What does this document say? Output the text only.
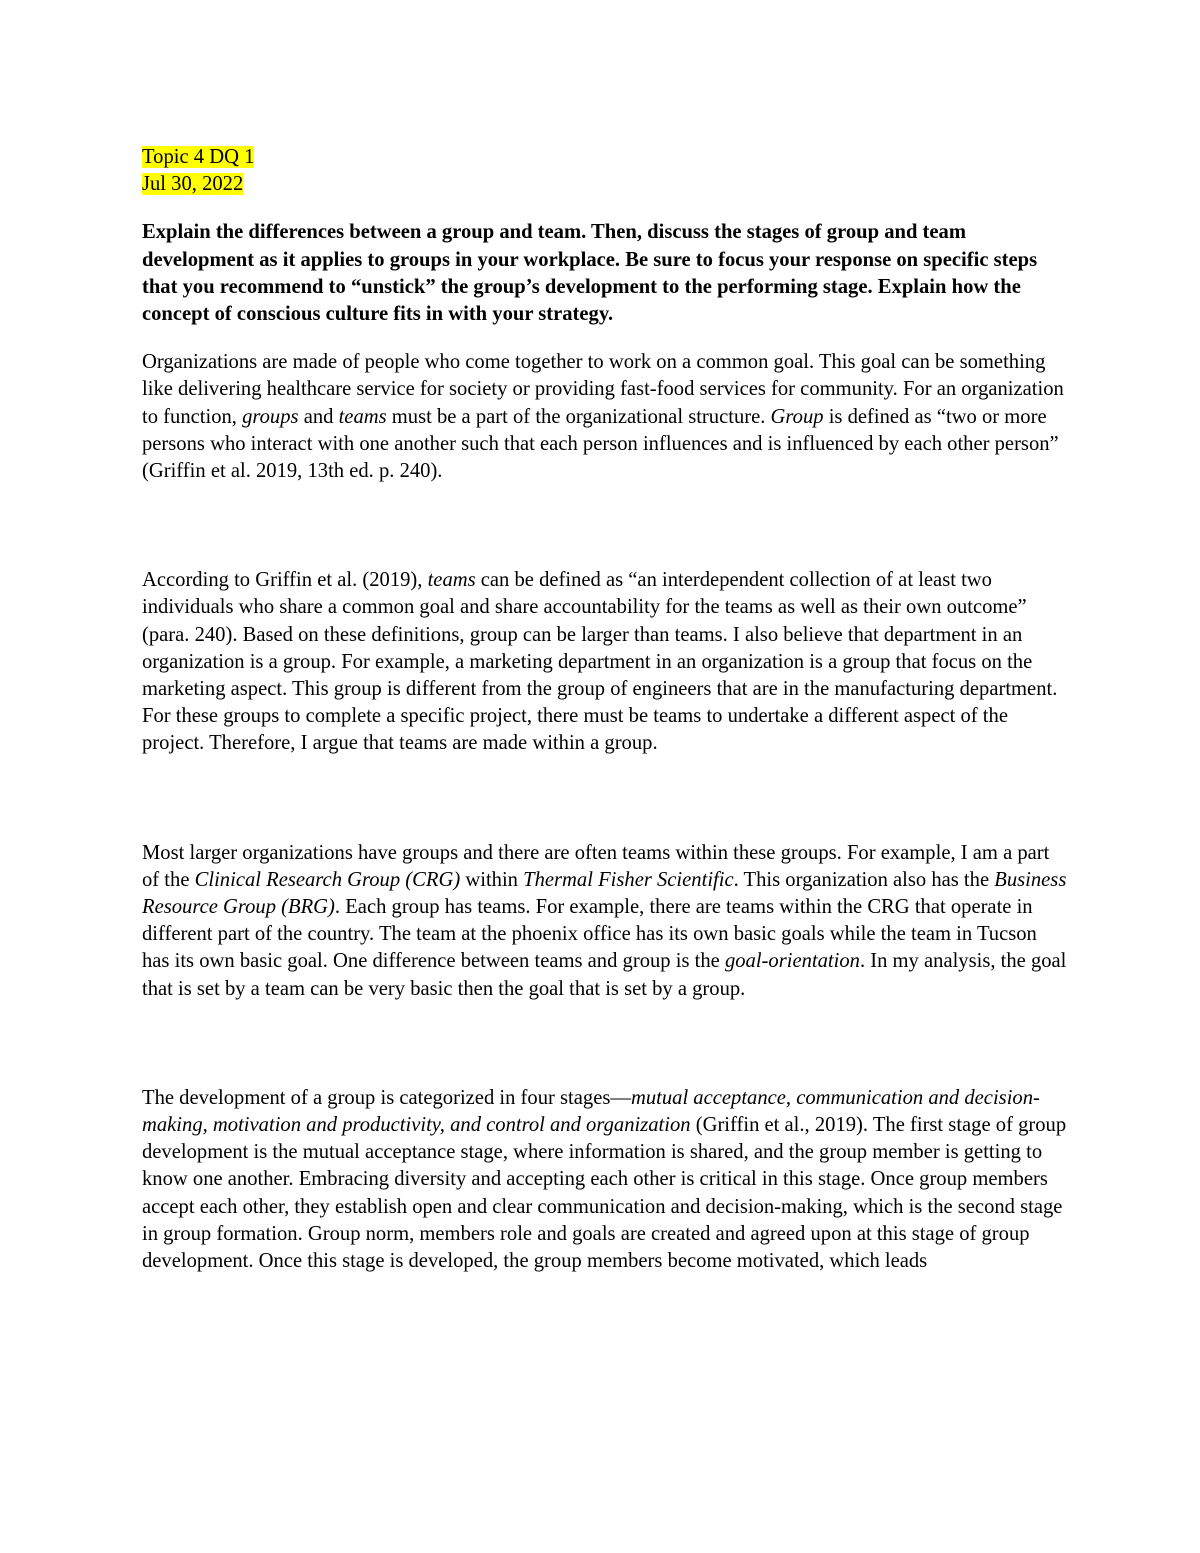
Topic 4 DQ 1

Jul 30, 2022

Explain the differences between a group and team. Then, discuss the stages of group and team development as it applies to groups in your workplace. Be sure to focus your response on specific steps that you recommend to “unstick” the group’s development to the performing stage. Explain how the concept of conscious culture fits in with your strategy.

Organizations are made of people who come together to work on a common goal. This goal can be something like delivering healthcare service for society or providing fast-food services for community. For an organization to function, groups and teams must be a part of the organizational structure. Group is defined as “two or more persons who interact with one another such that each person influences and is influenced by each other person” (Griffin et al. 2019, 13th ed. p. 240).

According to Griffin et al. (2019), teams can be defined as “an interdependent collection of at least two individuals who share a common goal and share accountability for the teams as well as their own outcome” (para. 240). Based on these definitions, group can be larger than teams. I also believe that department in an organization is a group. For example, a marketing department in an organization is a group that focus on the marketing aspect. This group is different from the group of engineers that are in the manufacturing department. For these groups to complete a specific project, there must be teams to undertake a different aspect of the project. Therefore, I argue that teams are made within a group.

Most larger organizations have groups and there are often teams within these groups. For example, I am a part of the Clinical Research Group (CRG) within Thermal Fisher Scientific. This organization also has the Business Resource Group (BRG). Each group has teams. For example, there are teams within the CRG that operate in different part of the country. The team at the phoenix office has its own basic goals while the team in Tucson has its own basic goal. One difference between teams and group is the goal-orientation. In my analysis, the goal that is set by a team can be very basic then the goal that is set by a group.

The development of a group is categorized in four stages—mutual acceptance, communication and decision-making, motivation and productivity, and control and organization (Griffin et al., 2019). The first stage of group development is the mutual acceptance stage, where information is shared, and the group member is getting to know one another. Embracing diversity and accepting each other is critical in this stage. Once group members accept each other, they establish open and clear communication and decision-making, which is the second stage in group formation. Group norm, members role and goals are created and agreed upon at this stage of group development. Once this stage is developed, the group members become motivated, which leads
